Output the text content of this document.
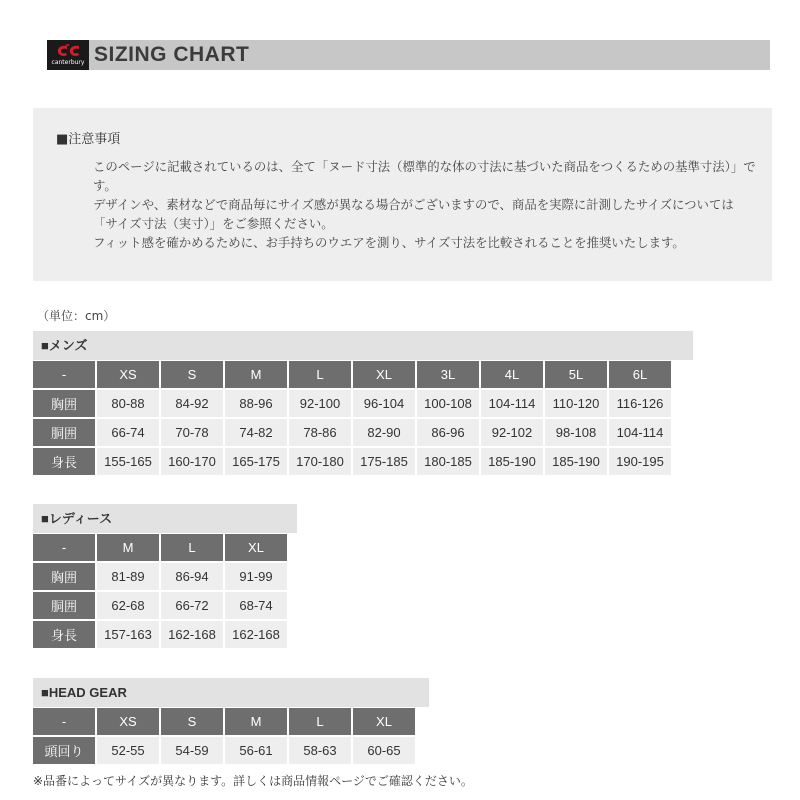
canterbury SIZING CHART
■注意事項
このページに記載されているのは、全て「ヌード寸法（標準的な体の寸法に基づいた商品をつくるための基準寸法）」です。
デザインや、素材などで商品毎にサイズ感が異なる場合がございますので、商品を実際に計測したサイズについては「サイズ寸法（実寸）」をご参照ください。
フィット感を確かめるために、お手持ちのウエアを測り、サイズ寸法を比較されることを推奨いたします。
（単位：cm）
■メンズ
-	XS	S	M	L	XL	3L	4L	5L	6L
胸囲	80-88	84-92	88-96	92-100	96-104	100-108	104-114	110-120	116-126
胴囲	66-74	70-78	74-82	78-86	82-90	86-96	92-102	98-108	104-114
身長	155-165	160-170	165-175	170-180	175-185	180-185	185-190	185-190	190-195
■レディース
-	M	L	XL
胸囲	81-89	86-94	91-99
胴囲	62-68	66-72	68-74
身長	157-163	162-168	162-168
■HEAD GEAR
-	XS	S	M	L	XL
頭回り	52-55	54-59	56-61	58-63	60-65
※品番によってサイズが異なります。詳しくは商品情報ページでご確認ください。
